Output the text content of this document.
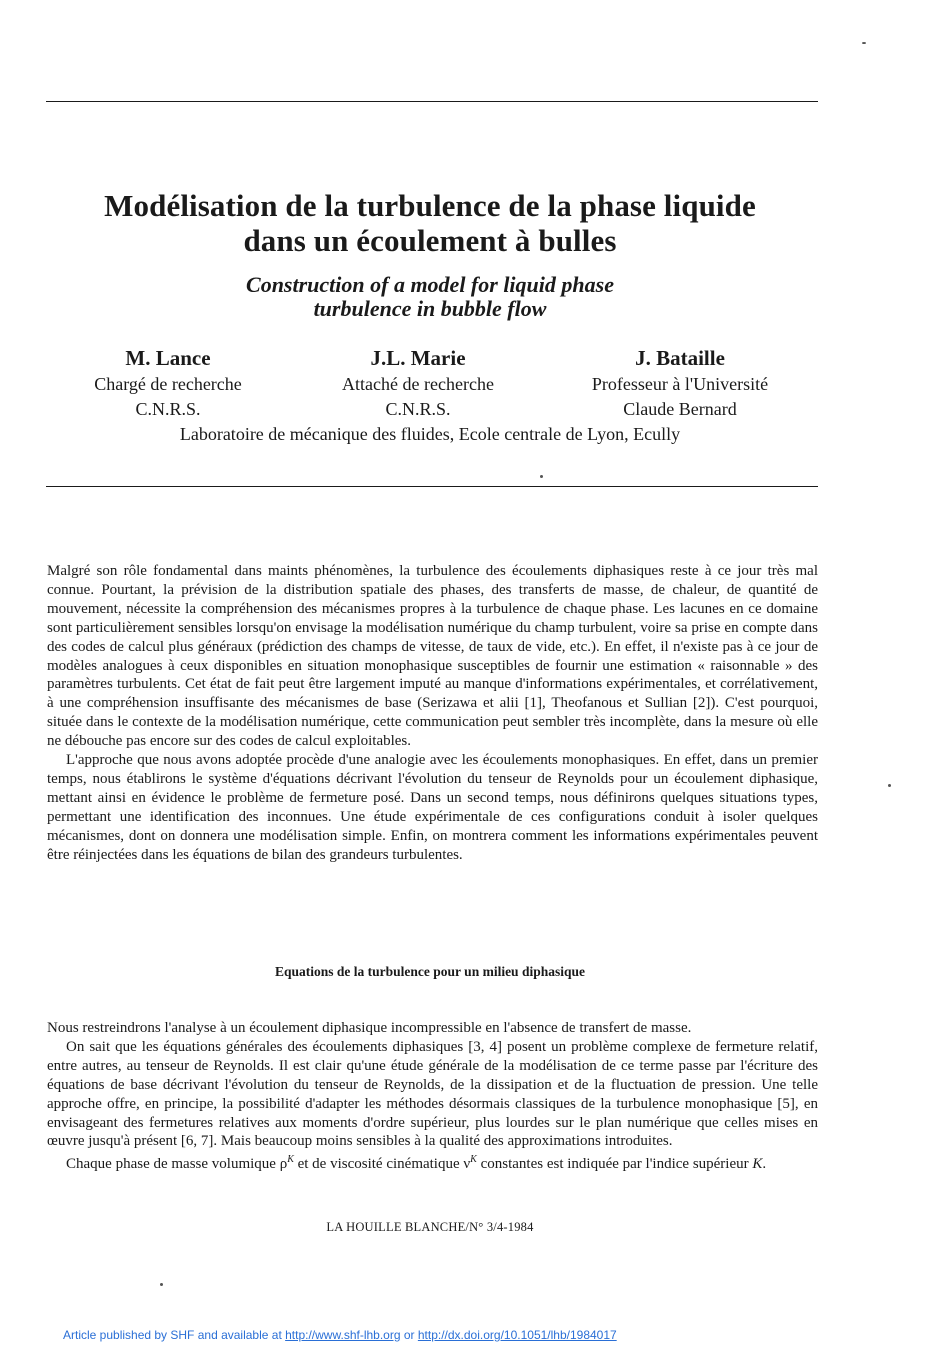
Modélisation de la turbulence de la phase liquide
dans un écoulement à bulles
Construction of a model for liquid phase
turbulence in bubble flow
M. Lance
Chargé de recherche
C.N.R.S.
J.L. Marie
Attaché de recherche
C.N.R.S.
J. Bataille
Professeur à l'Université
Claude Bernard
Laboratoire de mécanique des fluides, Ecole centrale de Lyon, Ecully

Malgré son rôle fondamental dans maints phénomènes, la turbulence des écoulements diphasiques reste à ce jour très mal connue. Pourtant, la prévision de la distribution spatiale des phases, des transferts de masse, de chaleur, de quantité de mouvement, nécessite la compréhension des mécanismes propres à la turbulence de chaque phase. Les lacunes en ce domaine sont particulièrement sensibles lorsqu'on envisage la modélisation numérique du champ turbulent, voire sa prise en compte dans des codes de calcul plus généraux (prédiction des champs de vitesse, de taux de vide, etc.). En effet, il n'existe pas à ce jour de modèles analogues à ceux disponibles en situation monophasique susceptibles de fournir une estimation « raisonnable » des paramètres turbulents. Cet état de fait peut être largement imputé au manque d'informations expérimentales, et corrélativement, à une compréhension insuffisante des mécanismes de base (Serizawa et alii [1], Theofanous et Sullian [2]). C'est pourquoi, située dans le contexte de la modélisation numérique, cette communication peut sembler très incomplète, dans la mesure où elle ne débouche pas encore sur des codes de calcul exploitables.

L'approche que nous avons adoptée procède d'une analogie avec les écoulements monophasiques. En effet, dans un premier temps, nous établirons le système d'équations décrivant l'évolution du tenseur de Reynolds pour un écoulement diphasique, mettant ainsi en évidence le problème de fermeture posé. Dans un second temps, nous définirons quelques situations types, permettant une identification des inconnues. Une étude expérimentale de ces configurations conduit à isoler quelques mécanismes, dont on donnera une modélisation simple. Enfin, on montrera comment les informations expérimentales peuvent être réinjectées dans les équations de bilan des grandeurs turbulentes.

Equations de la turbulence pour un milieu diphasique

Nous restreindrons l'analyse à un écoulement diphasique incompressible en l'absence de transfert de masse.

On sait que les équations générales des écoulements diphasiques [3, 4] posent un problème complexe de fermeture relatif, entre autres, au tenseur de Reynolds. Il est clair qu'une étude générale de la modélisation de ce terme passe par l'écriture des équations de base décrivant l'évolution du tenseur de Reynolds, de la dissipation et de la fluctuation de pression. Une telle approche offre, en principe, la possibilité d'adapter les méthodes désormais classiques de la turbulence monophasique [5], en envisageant des fermetures relatives aux moments d'ordre supérieur, plus lourdes sur le plan numérique que celles mises en œuvre jusqu'à présent [6, 7]. Mais beaucoup moins sensibles à la qualité des approximations introduites.

Chaque phase de masse volumique $\rho^K$ et de viscosité cinématique $\nu^K$ constantes est indiquée par l'indice supérieur K.

LA HOUILLE BLANCHE/N° 3/4-1984
Article published by SHF and available at http://www.shf-lhb.org or http://dx.doi.org/10.1051/lhb/1984017
